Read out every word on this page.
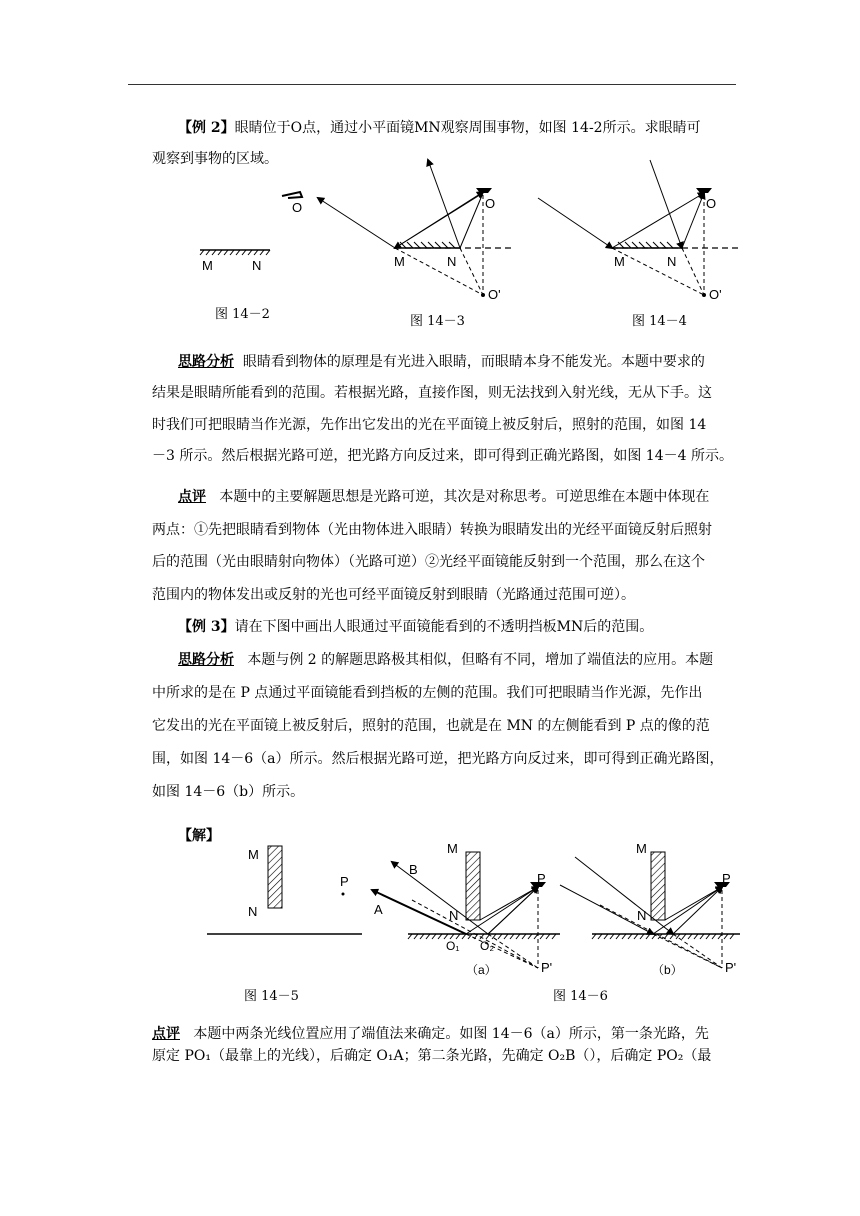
【例 2】眼睛位于O点，通过小平面镜MN观察周围事物，如图 14-2所示。求眼睛可
观察到事物的区域。
O
M	N
O
M	N
O'
O
M	N
O'
图 14－2	图 14－3	图 14－4
思路分析 眼睛看到物体的原理是有光进入眼睛，而眼睛本身不能发光。本题中要求的
结果是眼睛所能看到的范围。若根据光路，直接作图，则无法找到入射光线，无从下手。这
时我们可把眼睛当作光源，先作出它发出的光在平面镜上被反射后，照射的范围，如图 14
－3 所示。然后根据光路可逆，把光路方向反过来，即可得到正确光路图，如图 14－4 所示。
点评 本题中的主要解题思想是光路可逆，其次是对称思考。可逆思维在本题中体现在
两点：①先把眼睛看到物体（光由物体进入眼睛）转换为眼睛发出的光经平面镜反射后照射
后的范围（光由眼睛射向物体）（光路可逆）②光经平面镜能反射到一个范围，那么在这个
范围内的物体发出或反射的光也可经平面镜反射到眼睛（光路通过范围可逆）。
【例 3】请在下图中画出人眼通过平面镜能看到的不透明挡板MN后的范围。
思路分析 本题与例 2 的解题思路极其相似，但略有不同，增加了端值法的应用。本题
中所求的是在 P 点通过平面镜能看到挡板的左侧的范围。我们可把眼睛当作光源，先作出
它发出的光在平面镜上被反射后，照射的范围，也就是在 MN 的左侧能看到 P 点的像的范
围，如图 14－6（a）所示。然后根据光路可逆，把光路方向反过来，即可得到正确光路图，
如图 14－6（b）所示。
【解】
M
N
P
M
N
P
A
B
O₁ O₂
P'
（a）
M
N
P
P'
（b）
图 14－5	图 14－6
点评 本题中两条光线位置应用了端值法来确定。如图 14－6（a）所示，第一条光路，先
原定 PO₁（最靠上的光线），后确定 O₁A；第二条光路，先确定 O₂B（），后确定 PO₂（最
